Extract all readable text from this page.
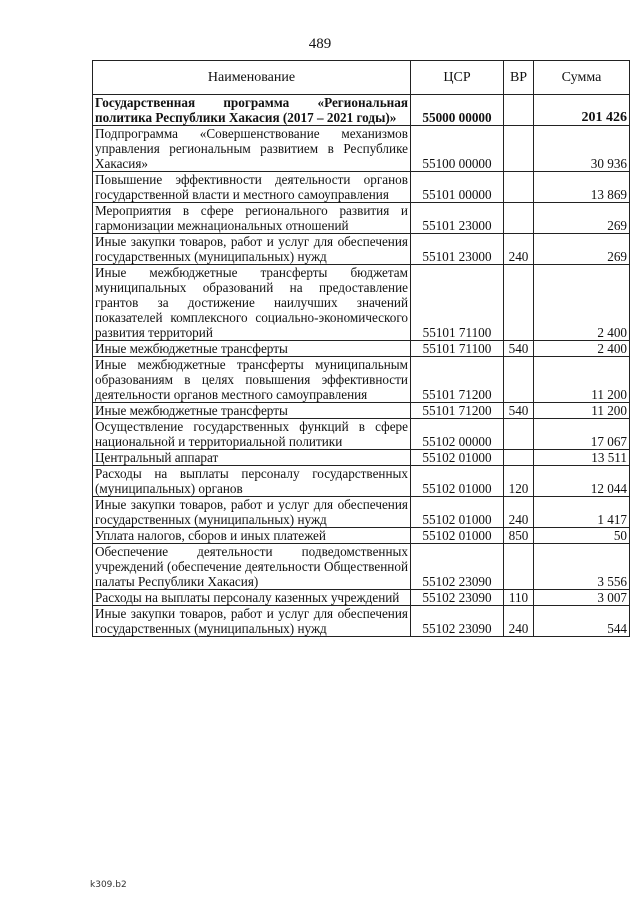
489
Наименование	ЦСР	ВР	Сумма
Государственная программа «Региональная политика Республики Хакасия (2017 – 2021 годы)»	55000 00000		201 426
Подпрограмма «Совершенствование механизмов управления региональным развитием в Республике Хакасия»	55100 00000		30 936
Повышение эффективности деятельности органов государственной власти и местного самоуправления	55101 00000		13 869
Мероприятия в сфере регионального развития и гармонизации межнациональных отношений	55101 23000		269
Иные закупки товаров, работ и услуг для обеспечения государственных (муниципальных) нужд	55101 23000	240	269
Иные межбюджетные трансферты бюджетам муниципальных образований на предоставление грантов за достижение наилучших значений показателей комплексного социально-экономического развития территорий	55101 71100		2 400
Иные межбюджетные трансферты	55101 71100	540	2 400
Иные межбюджетные трансферты муниципальным образованиям в целях повышения эффективности деятельности органов местного самоуправления	55101 71200		11 200
Иные межбюджетные трансферты	55101 71200	540	11 200
Осуществление государственных функций в сфере национальной и территориальной политики	55102 00000		17 067
Центральный аппарат	55102 01000		13 511
Расходы на выплаты персоналу государственных (муниципальных) органов	55102 01000	120	12 044
Иные закупки товаров, работ и услуг для обеспечения государственных (муниципальных) нужд	55102 01000	240	1 417
Уплата налогов, сборов и иных платежей	55102 01000	850	50
Обеспечение деятельности подведомственных учреждений (обеспечение деятельности Общественной палаты Республики Хакасия)	55102 23090		3 556
Расходы на выплаты персоналу казенных учреждений	55102 23090	110	3 007
Иные закупки товаров, работ и услуг для обеспечения государственных (муниципальных) нужд	55102 23090	240	544
k309.b2
